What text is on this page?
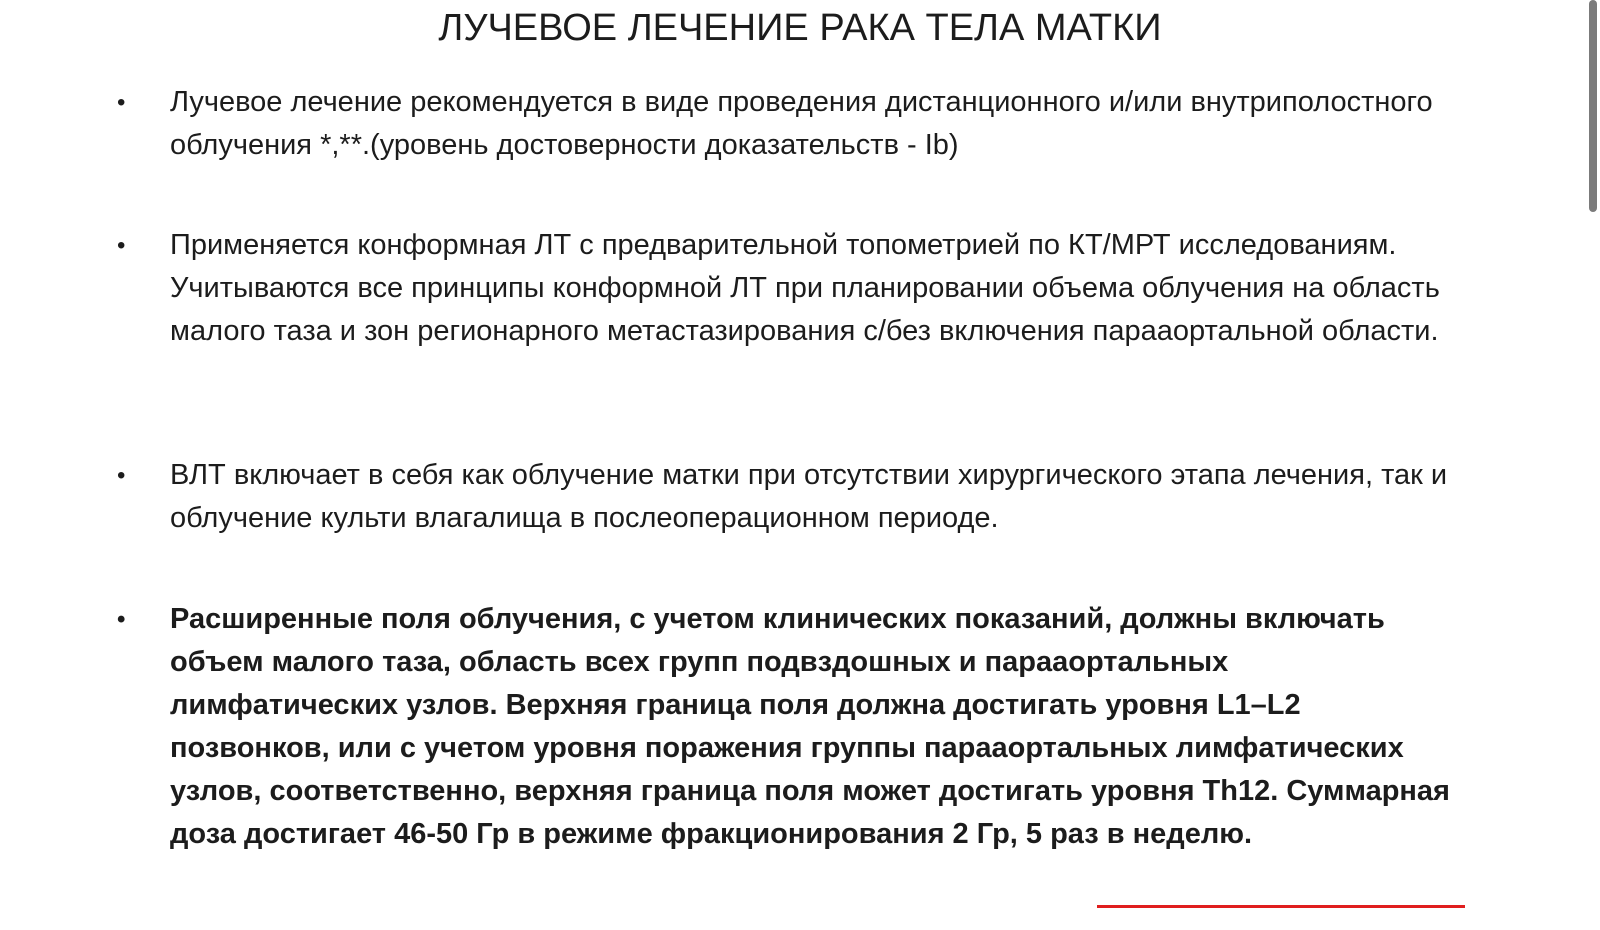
ЛУЧЕВОЕ ЛЕЧЕНИЕ РАКА ТЕЛА МАТКИ
• Лучевое лечение рекомендуется в виде проведения дистанционного и/или внутриполостного облучения *,**.(уровень достоверности доказательств - Ib)
• Применяется конформная ЛТ с предварительной топометрией по КТ/МРТ исследованиям. Учитываются все принципы конформной ЛТ при планировании объема облучения на область малого таза и зон регионарного метастазирования с/без включения парааортальной области.
• ВЛТ включает в себя как облучение матки при отсутствии хирургического этапа лечения, так и облучение культи влагалища в послеоперационном периоде.
• Расширенные поля облучения, с учетом клинических показаний, должны включать объем малого таза, область всех групп подвздошных и парааортальных лимфатических узлов. Верхняя граница поля должна достигать уровня L1–L2 позвонков, или с учетом уровня поражения группы парааортальных лимфатических узлов, соответственно, верхняя граница поля может достигать уровня Th12. Суммарная доза достигает 46-50 Гр в режиме фракционирования 2 Гр, 5 раз в неделю.
